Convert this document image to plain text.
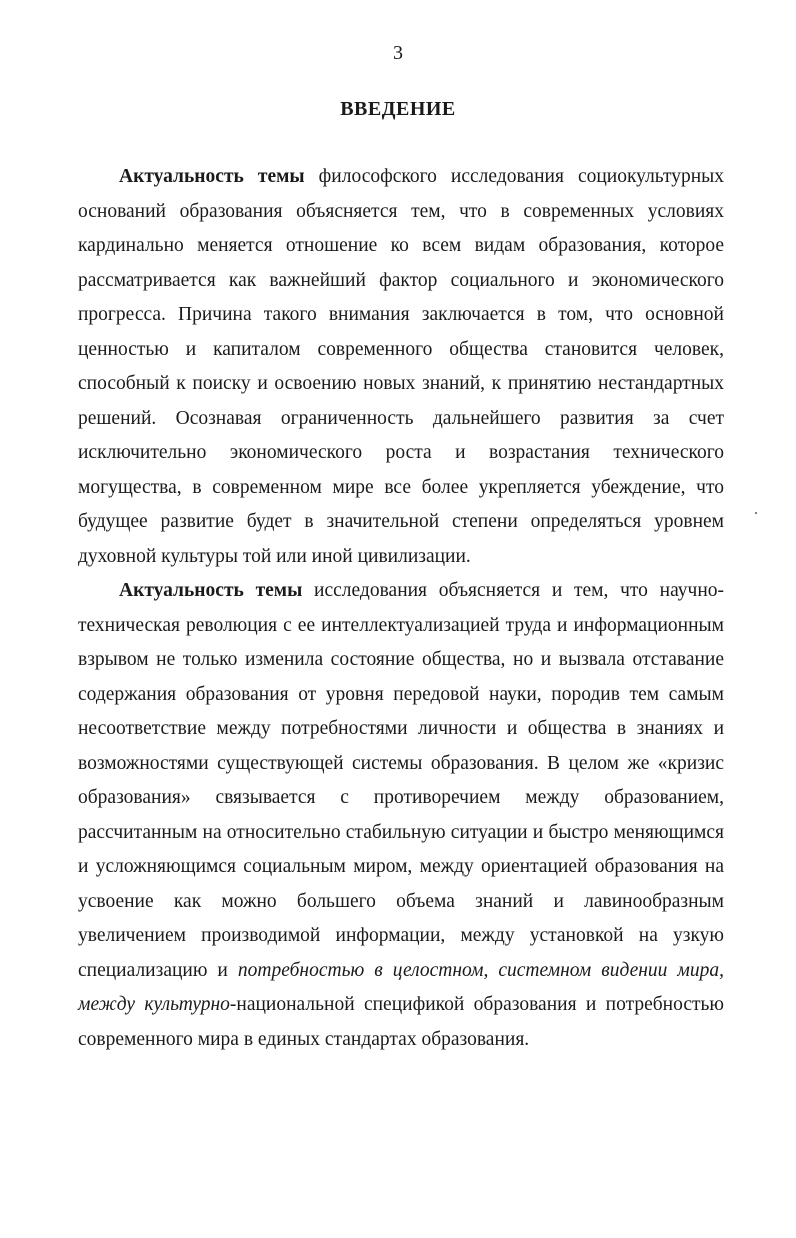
3
ВВЕДЕНИЕ

Актуальность темы философского исследования социокультурных оснований образования объясняется тем, что в современных условиях кардинально меняется отношение ко всем видам образования, которое рассматривается как важнейший фактор социального и экономического прогресса. Причина такого внимания заключается в том, что основной ценностью и капиталом современного общества становится человек, способный к поиску и освоению новых знаний, к принятию нестандартных решений. Осознавая ограниченность дальнейшего развития за счет исключительно экономического роста и возрастания технического могущества, в современном мире все более укрепляется убеждение, что будущее развитие будет в значительной степени определяться уровнем духовной культуры той или иной цивилизации.

Актуальность темы исследования объясняется и тем, что научно-техническая революция с ее интеллектуализацией труда и информационным взрывом не только изменила состояние общества, но и вызвала отставание содержания образования от уровня передовой науки, породив тем самым несоответствие между потребностями личности и общества в знаниях и возможностями существующей системы образования. В целом же «кризис образования» связывается с противоречием между образованием, рассчитанным на относительно стабильную ситуации и быстро меняющимся и усложняющимся социальным миром, между ориентацией образования на усвоение как можно большего объема знаний и лавинообразным увеличением производимой информации, между установкой на узкую специализацию и потребностью в целостном, системном видении мира, между культурно-национальной спецификой образования и потребностью современного мира в единых стандартах образования.
